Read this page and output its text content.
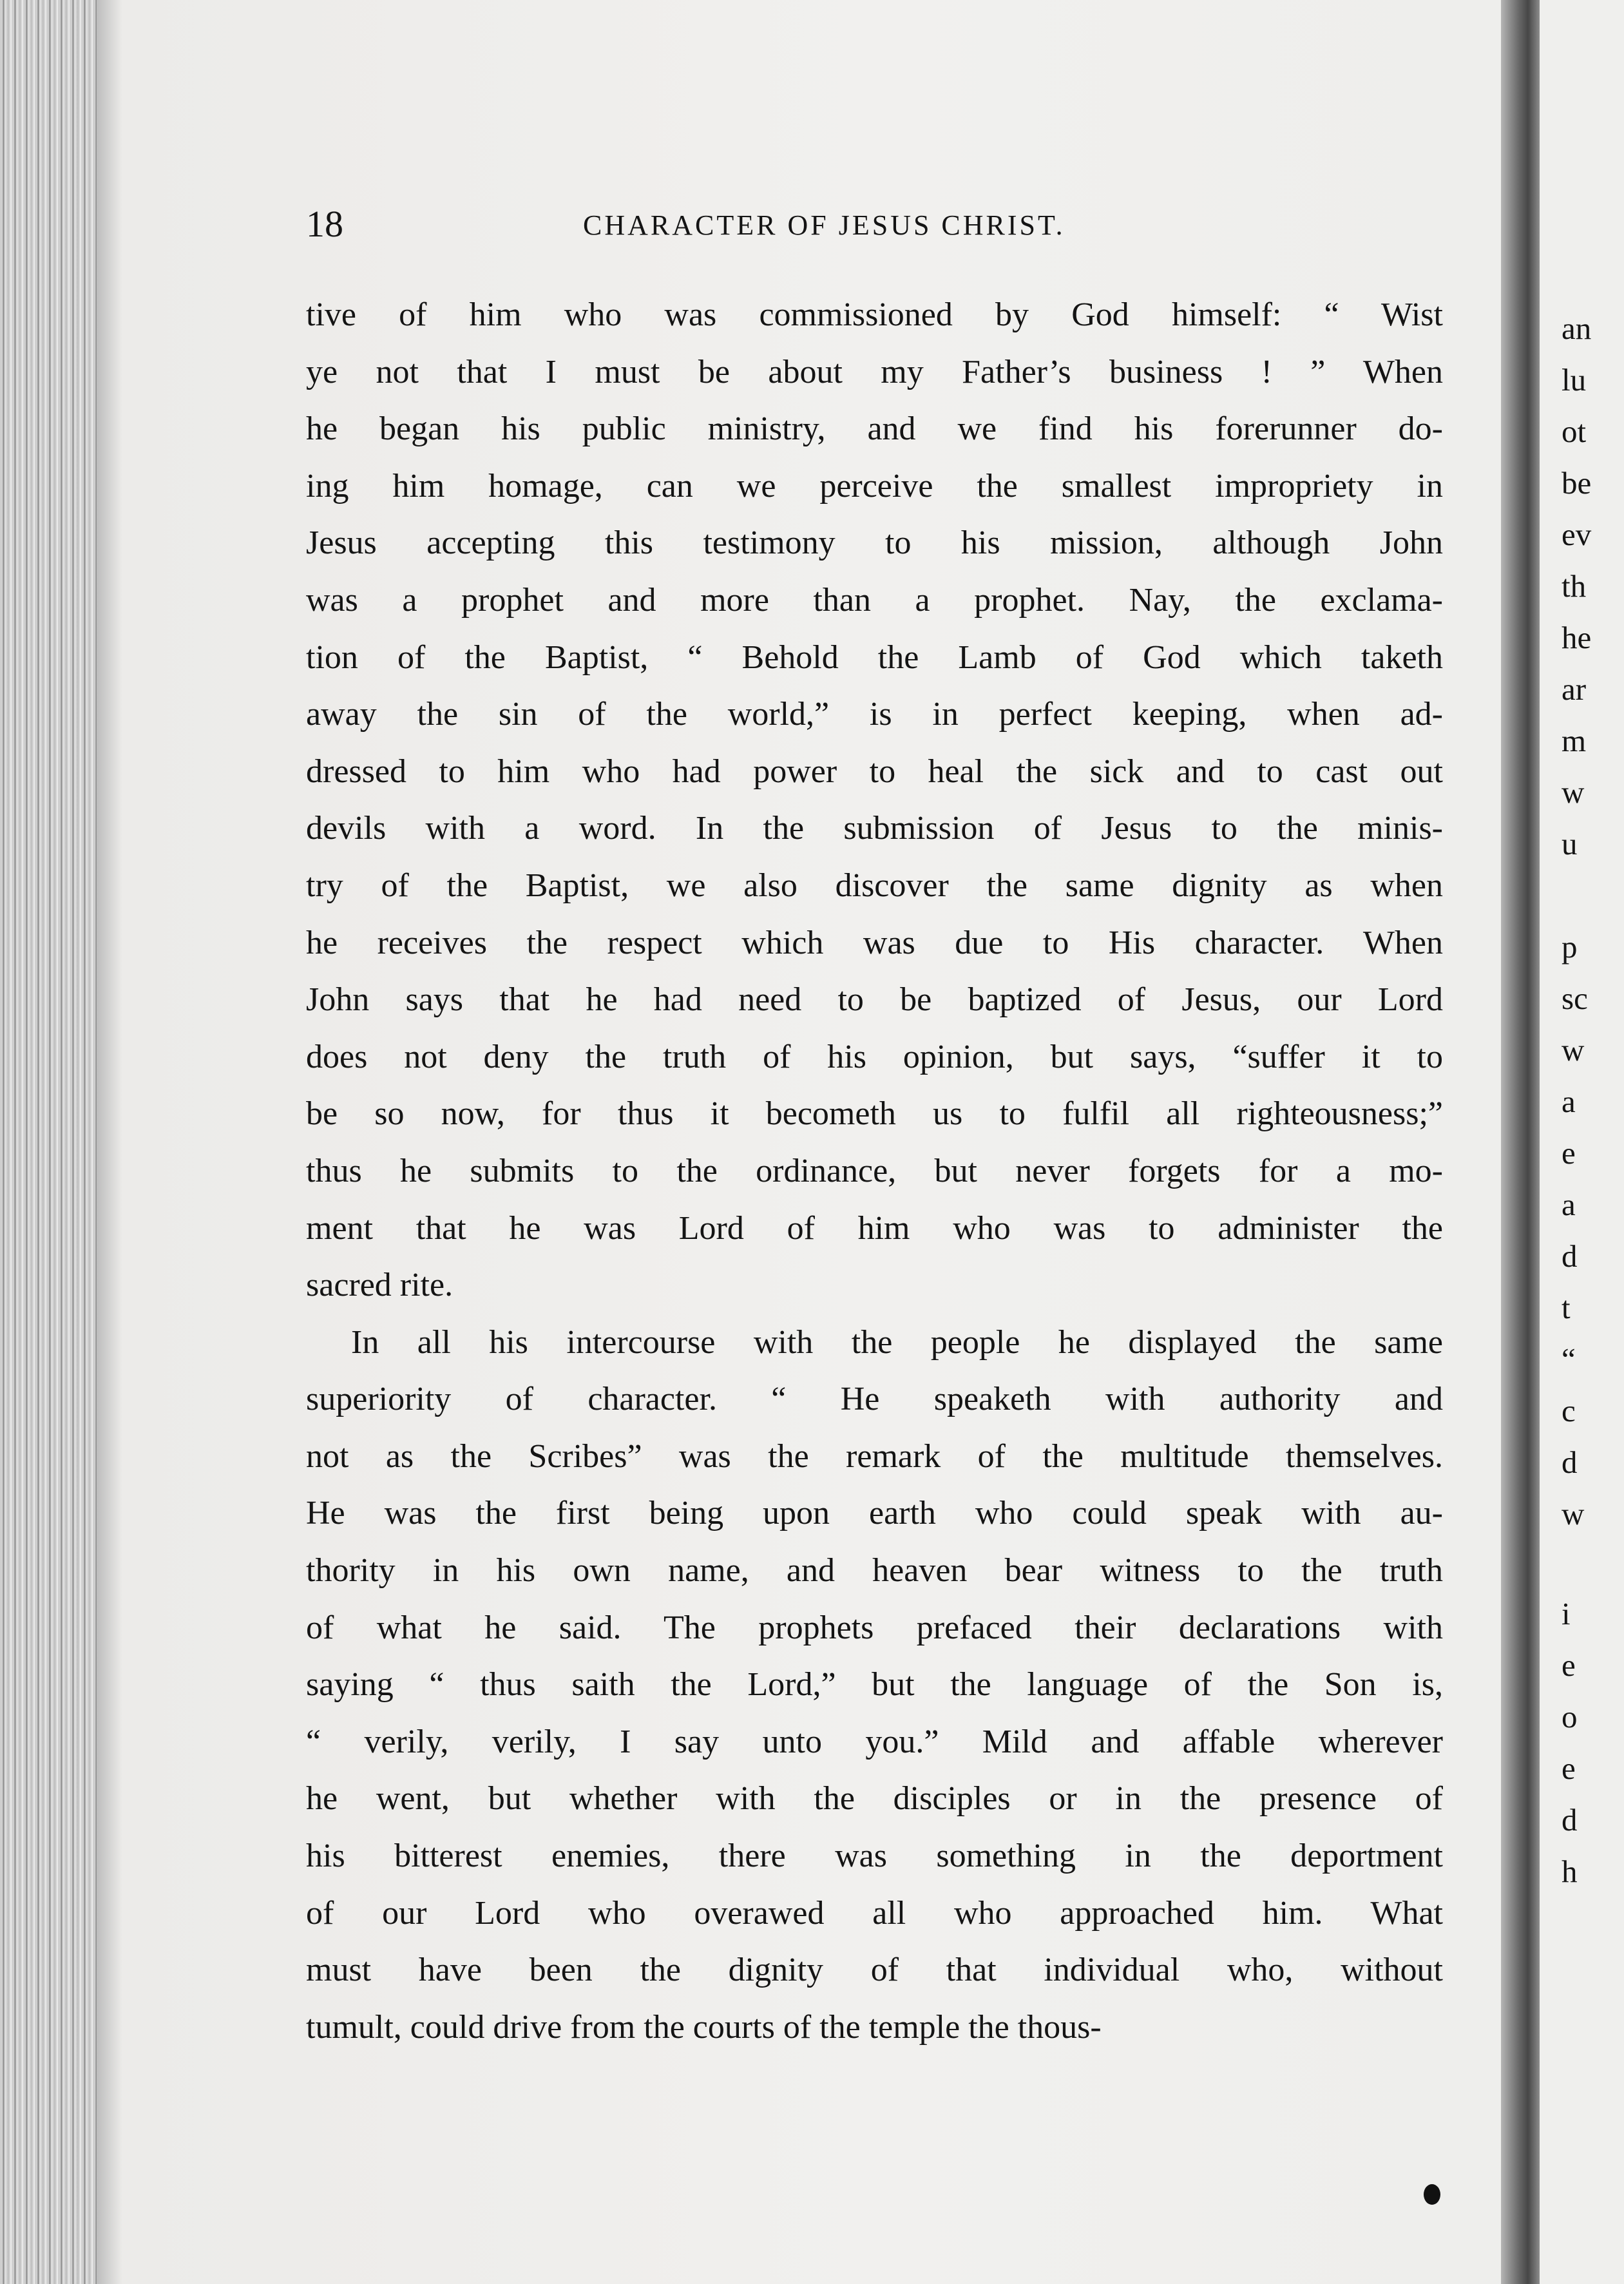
18	CHARACTER OF JESUS CHRIST.
tive of him who was commissioned by God himself: “ Wist
ye not that I must be about my Father’s business ! ” When
he began his public ministry, and we find his forerunner do-
ing him homage, can we perceive the smallest impropriety in
Jesus accepting this testimony to his mission, although John
was a prophet and more than a prophet. Nay, the exclama-
tion of the Baptist, “ Behold the Lamb of God which taketh
away the sin of the world,” is in perfect keeping, when ad-
dressed to him who had power to heal the sick and to cast out
devils with a word. In the submission of Jesus to the minis-
try of the Baptist, we also discover the same dignity as when
he receives the respect which was due to His character. When
John says that he had need to be baptized of Jesus, our Lord
does not deny the truth of his opinion, but says, “suffer it to
be so now, for thus it becometh us to fulfil all righteousness;”
thus he submits to the ordinance, but never forgets for a mo-
ment that he was Lord of him who was to administer the
sacred rite.
In all his intercourse with the people he displayed the same
superiority of character. “ He speaketh with authority and
not as the Scribes” was the remark of the multitude themselves.
He was the first being upon earth who could speak with au-
thority in his own name, and heaven bear witness to the truth
of what he said. The prophets prefaced their declarations with
saying “ thus saith the Lord,” but the language of the Son is,
“ verily, verily, I say unto you.” Mild and affable wherever
he went, but whether with the disciples or in the presence of
his bitterest enemies, there was something in the deportment
of our Lord who overawed all who approached him. What
must have been the dignity of that individual who, without
tumult, could drive from the courts of the temple the thous-
an
lu
ot
be
ev
th
he
ar
m
w
u
p
sc
w
a
e
a
d
t
“
c
d
w
i
e
o
e
d
h
